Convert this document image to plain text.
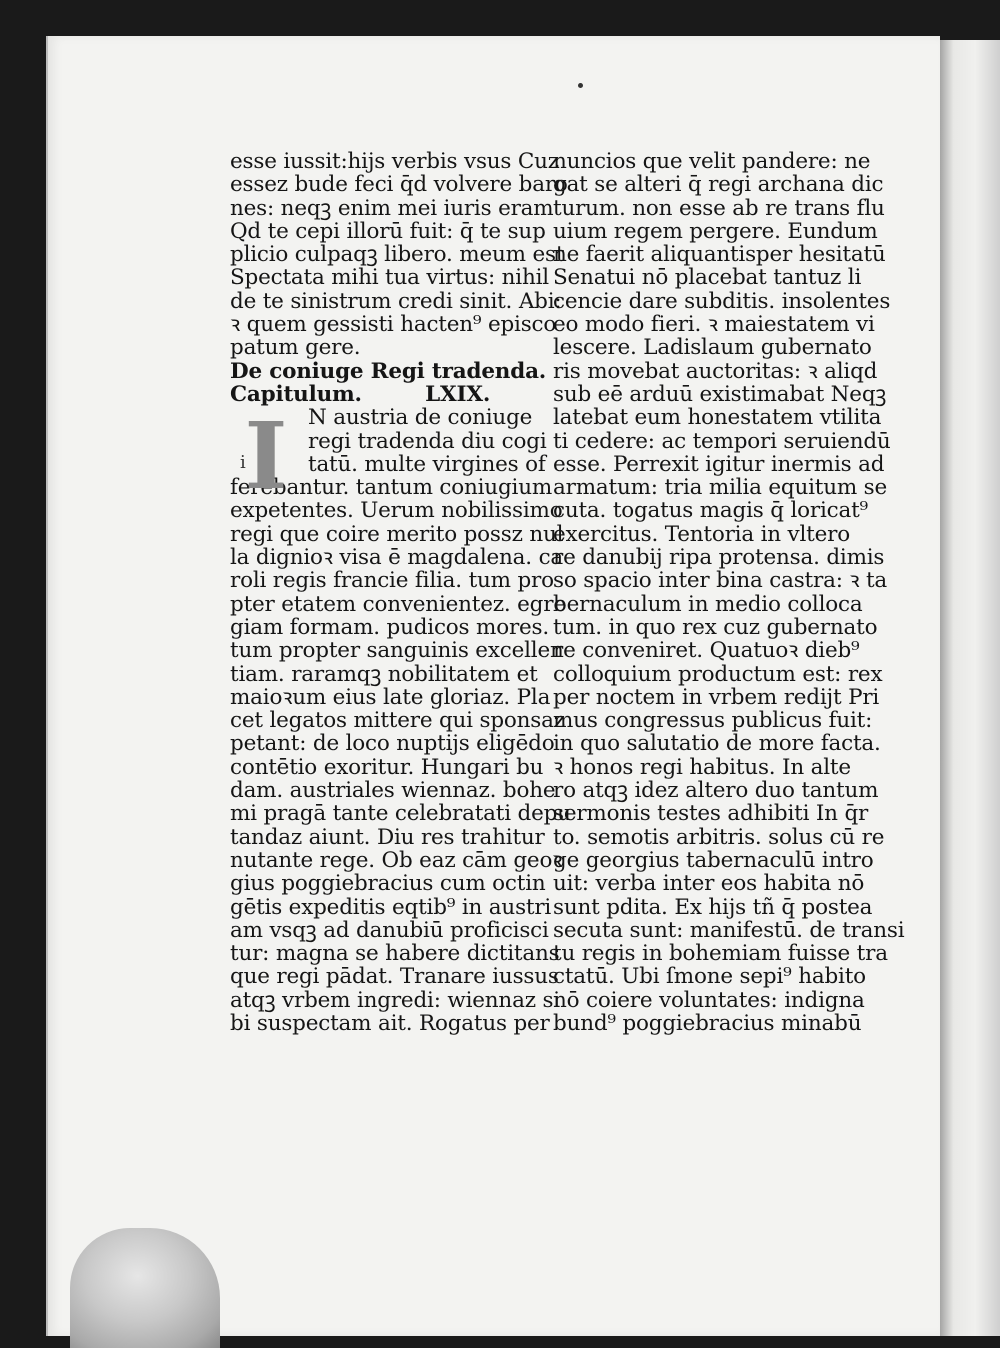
esse iussit:hijs verbis vsus Cuz
essez bude feci q̄d volvere baro
nes: neqꝫ enim mei iuris eram
Qd te cepi illorū fuit: q̄ te sup
plicio culpaqꝫ libero. meum est
Spectata mihi tua virtus: nihil
de te sinistrum credi sinit. Abi:
ꝛ quem gessisti hacten⁹ episco
patum gere.
De coniuge Regi tradenda.
Capitulum.	LXIX.
N austria de coniuge
regi tradenda diu cogi
tatū. multe virgines of
ferebantur. tantum coniugium
expetentes. Uerum nobilissimo
regi que coire merito possz nul
la dignioꝛ visa ē magdalena. ca
roli regis francie filia. tum pro
pter etatem convenientez. egre
giam formam. pudicos mores.
tum propter sanguinis excellen
tiam. raramqꝫ nobilitatem et
maioꝛum eius late gloriaz. Pla
cet legatos mittere qui sponsaz
petant: de loco nuptijs eligēdo
contētio exoritur. Hungari bu
dam. austriales wiennaz. bohe
mi pragā tante celebratati depu
tandaz aiunt. Diu res trahitur
nutante rege. Ob eaz cām geoꝛ
gius poggiebracius cum octin
gētis expeditis eqtib⁹ in austri
am vsqꝫ ad danubiū proficisci
tur: magna se habere dictitans
que regi pādat. Tranare iussus
atqꝫ vrbem ingredi: wiennaz si
bi suspectam ait. Rogatus per
I
i
nuncios que velit pandere: ne
gat se alteri q̄ regi archana dic
turum. non esse ab re trans flu
uium regem pergere. Eundum
ne faerit aliquantisper hesitatū
Senatui nō placebat tantuz li
cencie dare subditis. insolentes
eo modo fieri. ꝛ maiestatem vi
lescere. Ladislaum gubernato
ris movebat auctoritas: ꝛ aliqd
sub eē arduū existimabat Neqꝫ
latebat eum honestatem vtilita
ti cedere: ac tempori seruiendū
esse. Perrexit igitur inermis ad
armatum: tria milia equitum se
cuta. togatus magis q̄ loricat⁹
exercitus. Tentoria in vltero
re danubij ripa protensa. dimis
so spacio inter bina castra: ꝛ ta
bernaculum in medio colloca
tum. in quo rex cuz gubernato
re conveniret. Quatuoꝛ dieb⁹
colloquium productum est: rex
per noctem in vrbem redijt Pri
mus congressus publicus fuit:
in quo salutatio de more facta.
ꝛ honos regi habitus. In alte
ro atqꝫ idez altero duo tantum
sermonis testes adhibiti In q̄r
to. semotis arbitris. solus cū re
ge georgius tabernaculū intro
uit: verba inter eos habita nō
sunt pdita. Ex hijs tñ q̄ postea
secuta sunt: manifestū. de transi
tu regis in bohemiam fuisse tra
ctatū. Ubi ſmone sepi⁹ habito
nō coiere voluntates: indigna
bund⁹ poggiebracius minabū
